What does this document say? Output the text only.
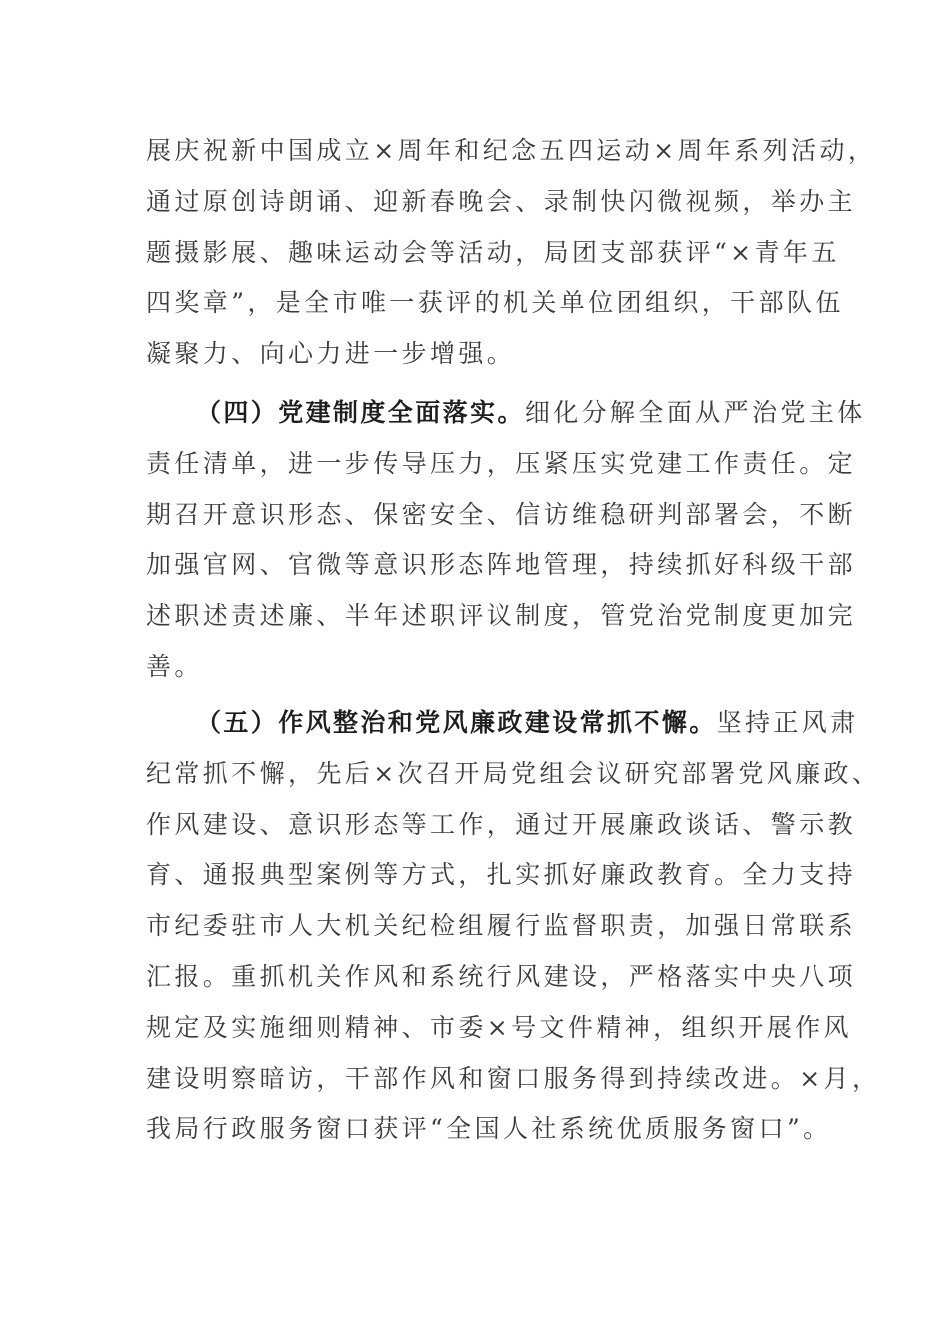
展庆祝新中国成立×周年和纪念五四运动×周年系列活动，
通过原创诗朗诵、迎新春晚会、录制快闪微视频，举办主
题摄影展、趣味运动会等活动，局团支部获评“×青年五
四奖章”，是全市唯一获评的机关单位团组织，干部队伍
凝聚力、向心力进一步增强。
（四）党建制度全面落实。细化分解全面从严治党主体
责任清单，进一步传导压力，压紧压实党建工作责任。定
期召开意识形态、保密安全、信访维稳研判部署会，不断
加强官网、官微等意识形态阵地管理，持续抓好科级干部
述职述责述廉、半年述职评议制度，管党治党制度更加完
善。
（五）作风整治和党风廉政建设常抓不懈。坚持正风肃
纪常抓不懈，先后×次召开局党组会议研究部署党风廉政、
作风建设、意识形态等工作，通过开展廉政谈话、警示教
育、通报典型案例等方式，扎实抓好廉政教育。全力支持
市纪委驻市人大机关纪检组履行监督职责，加强日常联系
汇报。重抓机关作风和系统行风建设，严格落实中央八项
规定及实施细则精神、市委×号文件精神，组织开展作风
建设明察暗访，干部作风和窗口服务得到持续改进。×月，
我局行政服务窗口获评“全国人社系统优质服务窗口”。
